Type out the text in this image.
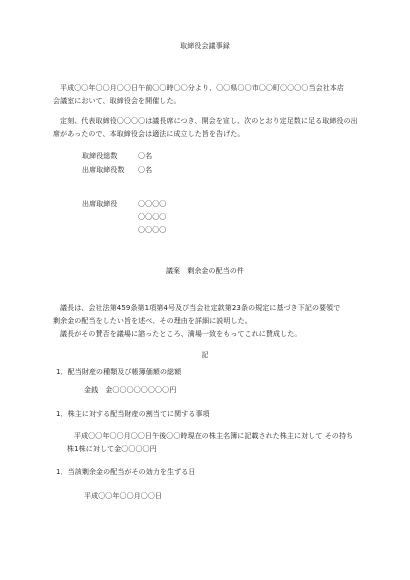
取締役会議事録
平成〇〇年〇〇月〇〇日午前〇〇時〇〇分より、〇〇県〇〇市〇〇町〇〇〇〇当会社本店
会議室において、取締役会を開催した。
定刻、代表取締役〇〇〇〇は議長席につき、開会を宣し、次のとおり定足数に足る取締役の出
席があったので、本取締役会は適法に成立した旨を告げた。
取締役総数	〇名
出席取締役数 〇名
出席取締役	〇〇〇〇
〇〇〇〇
〇〇〇〇
議案　剰余金の配当の件
議長は、会社法第459条第1項第4号及び当会社定款第23条の規定に基づき下記の要領で
剰余金の配当をしたい旨を述べ、その理由を詳細に説明した。
議長がその賛否を議場に諮ったところ、満場一致をもってこれに賛成した。
記
1．配当財産の種類及び帳簿価額の総額
金銭　金〇〇〇〇〇〇〇〇円
1．株主に対する配当財産の割当てに関する事項
平成〇〇年〇〇月〇〇日午後〇〇時現在の株主名簿に記載された株主に対して その持ち
株1株に対して金〇〇〇〇円
1．当該剰余金の配当がその効力を生ずる日
平成〇〇年〇〇月〇〇日
